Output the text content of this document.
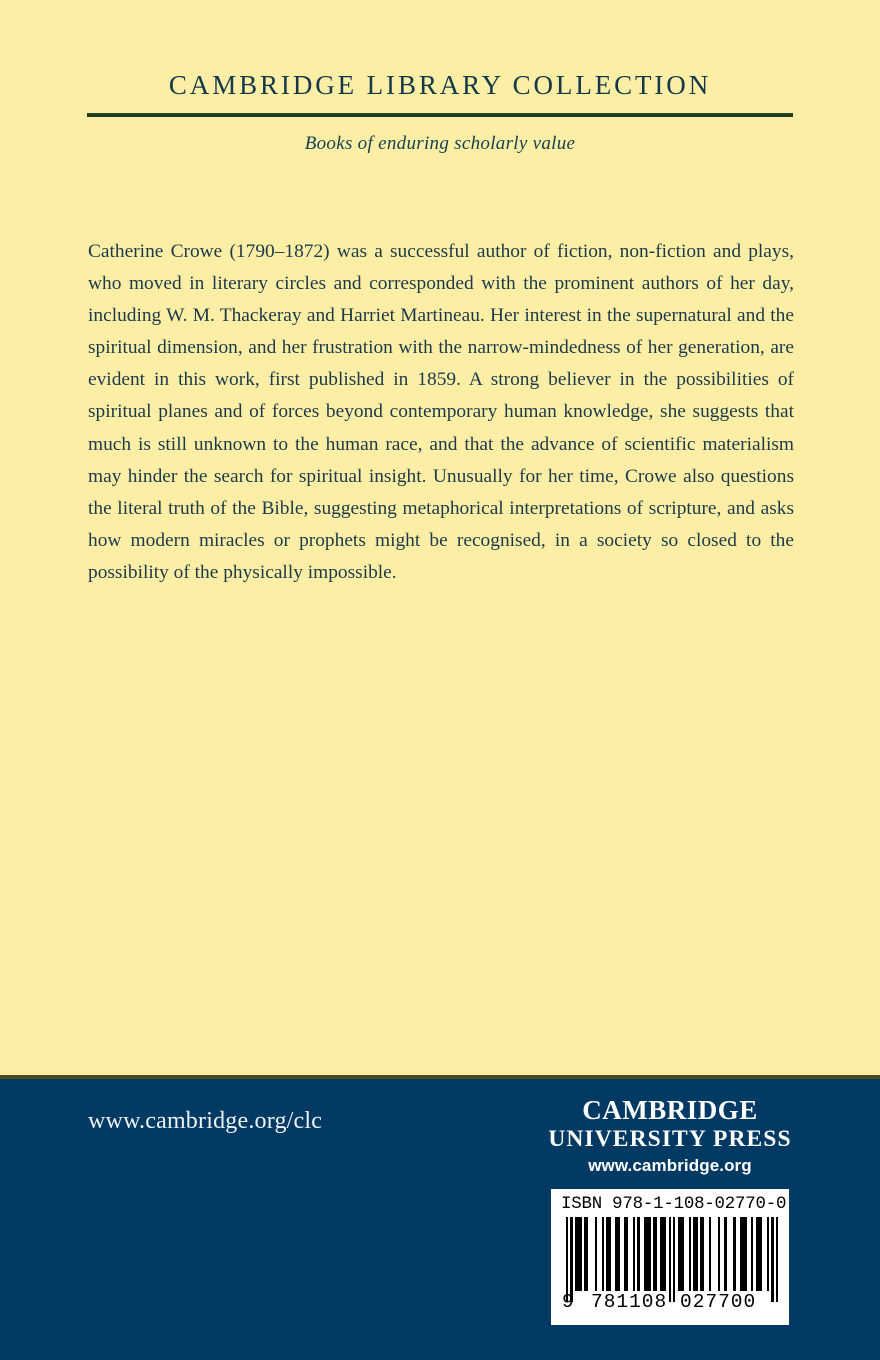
CAMBRIDGE LIBRARY COLLECTION
Books of enduring scholarly value
Catherine Crowe (1790–1872) was a successful author of fiction, non-fiction and plays, who moved in literary circles and corresponded with the prominent authors of her day, including W. M. Thackeray and Harriet Martineau. Her interest in the supernatural and the spiritual dimension, and her frustration with the narrow-mindedness of her generation, are evident in this work, first published in 1859. A strong believer in the possibilities of spiritual planes and of forces beyond contemporary human knowledge, she suggests that much is still unknown to the human race, and that the advance of scientific materialism may hinder the search for spiritual insight. Unusually for her time, Crowe also questions the literal truth of the Bible, suggesting metaphorical interpretations of scripture, and asks how modern miracles or prophets might be recognised, in a society so closed to the possibility of the physically impossible.
www.cambridge.org/clc	cambridge
UNIVERSITY PRESS
www.cambridge.org
ISBN 978-1-108-02770-0
9 781108 027700
